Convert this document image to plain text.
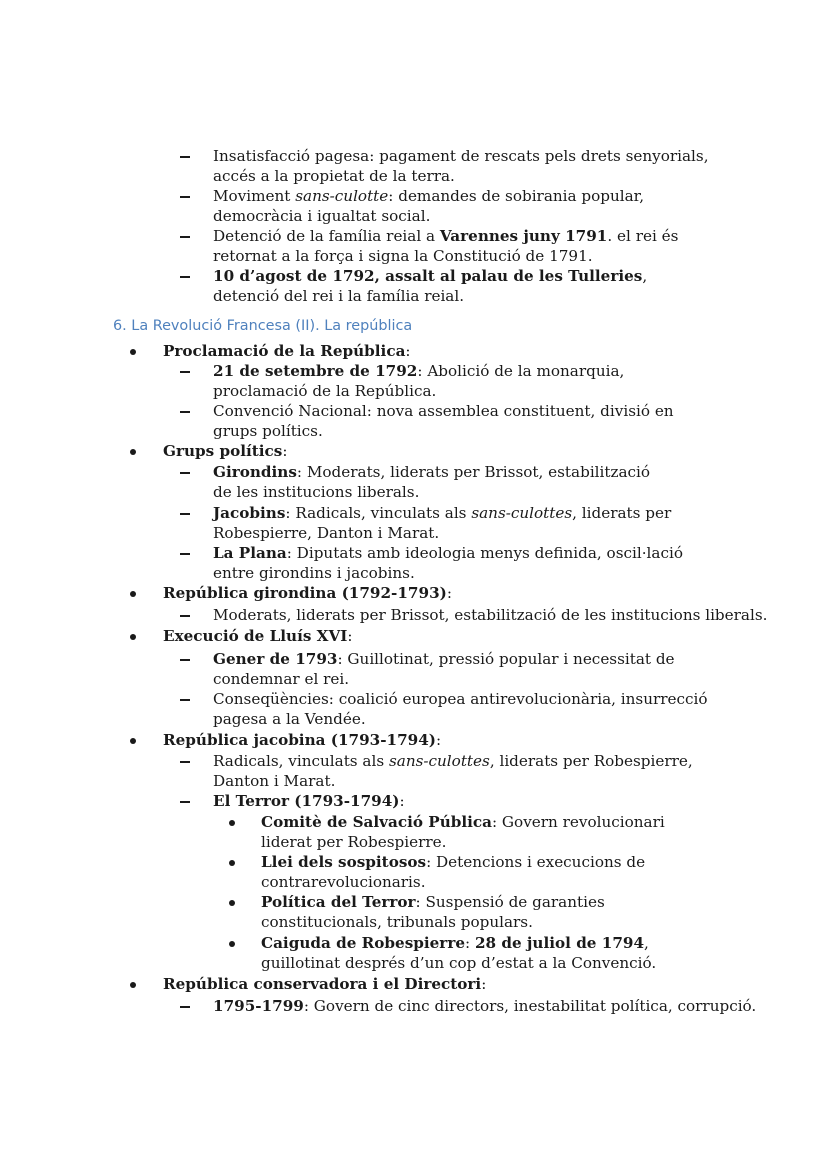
Insatisfacció pagesa: pagament de rescats pels drets senyorials, accés a la propietat de la terra.
Moviment sans-culotte: demandes de sobirania popular, democràcia i igualtat social.
Detenció de la família reial a Varennes juny 1791. el rei és retornat a la força i signa la Constitució de 1791.
10 d’agost de 1792, assalt al palau de les Tulleries, detenció del rei i la família reial.
6. La Revolució Francesa (II). La república
Proclamació de la República:
21 de setembre de 1792: Abolició de la monarquia, proclamació de la República.
Convenció Nacional: nova assemblea constituent, divisió en grups polítics.
Grups polítics:
Girondins: Moderats, liderats per Brissot, estabilització de les institucions liberals.
Jacobins: Radicals, vinculats als sans-culottes, liderats per Robespierre, Danton i Marat.
La Plana: Diputats amb ideologia menys definida, oscil·lació entre girondins i jacobins.
República girondina (1792-1793):
Moderats, liderats per Brissot, estabilització de les institucions liberals.
Execució de Lluís XVI:
Gener de 1793: Guillotinat, pressió popular i necessitat de condemnar el rei.
Conseqüències: coalició europea antirevolucionària, insurrecció pagesa a la Vendée.
República jacobina (1793-1794):
Radicals, vinculats als sans-culottes, liderats per Robespierre, Danton i Marat.
El Terror (1793-1794):
Comitè de Salvació Pública: Govern revolucionari liderat per Robespierre.
Llei dels sospitosos: Detencions i execucions de contrarevolucionaris.
Política del Terror: Suspensió de garanties constitucionals, tribunals populars.
Caiguda de Robespierre: 28 de juliol de 1794, guillotinat després d’un cop d’estat a la Convenció.
República conservadora i el Directori:
1795-1799: Govern de cinc directors, inestabilitat política, corrupció.
